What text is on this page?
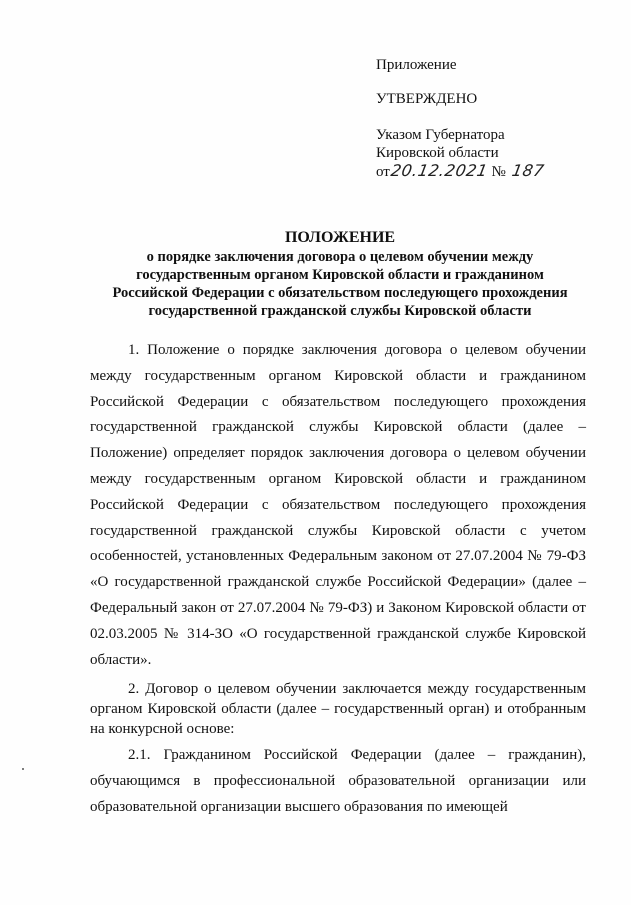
Приложение
УТВЕРЖДЕНО
Указом Губернатора
Кировской области
от 20.12.2021 № 187
ПОЛОЖЕНИЕ
о порядке заключения договора о целевом обучении между
государственным органом Кировской области и гражданином
Российской Федерации с обязательством последующего прохождения
государственной гражданской службы Кировской области

1. Положение о порядке заключения договора о целевом обучении между государственным органом Кировской области и гражданином Российской Федерации с обязательством последующего прохождения государственной гражданской службы Кировской области (далее – Положение) определяет порядок заключения договора о целевом обучении между государственным органом Кировской области и гражданином Российской Федерации с обязательством последующего прохождения государственной гражданской службы Кировской области с учетом особенностей, установленных Федеральным законом от 27.07.2004 № 79-ФЗ «О государственной гражданской службе Российской Федерации» (далее – Федеральный закон от 27.07.2004 № 79-ФЗ) и Законом Кировской области от 02.03.2005 № 314-ЗО «О государственной гражданской службе Кировской области».

2. Договор о целевом обучении заключается между государственным органом Кировской области (далее – государственный орган) и отобранным на конкурсной основе:

2.1. Гражданином Российской Федерации (далее – гражданин), обучающимся в профессиональной образовательной организации или образовательной организации высшего образования по имеющей
